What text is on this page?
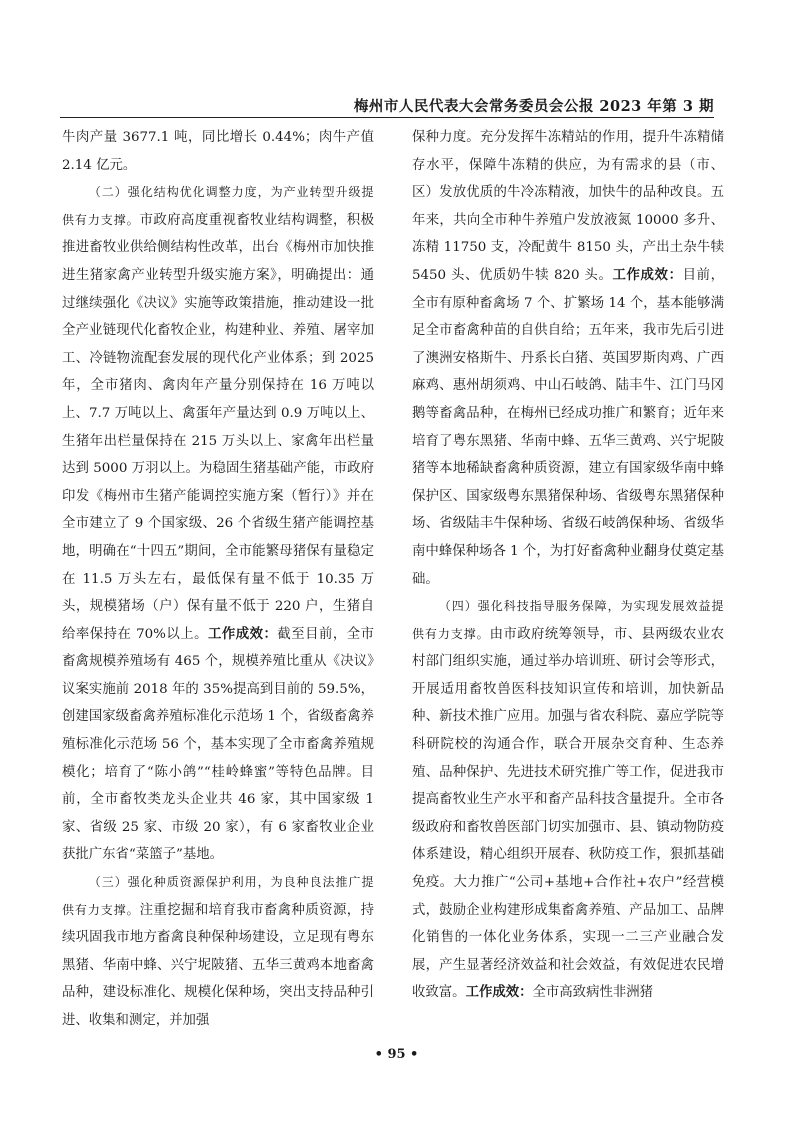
梅州市人民代表大会常务委员会公报 2023 年第 3 期

牛肉产量 3677.1 吨，同比增长 0.44%；肉牛产值 2.14 亿元。

（二）强化结构优化调整力度，为产业转型升级提供有力支撑。市政府高度重视畜牧业结构调整，积极推进畜牧业供给侧结构性改革，出台《梅州市加快推进生猪家禽产业转型升级实施方案》，明确提出：通过继续强化《决议》实施等政策措施，推动建设一批全产业链现代化畜牧企业，构建种业、养殖、屠宰加工、冷链物流配套发展的现代化产业体系；到 2025 年，全市猪肉、禽肉年产量分别保持在 16 万吨以上、7.7 万吨以上、禽蛋年产量达到 0.9 万吨以上、生猪年出栏量保持在 215 万头以上、家禽年出栏量达到 5000 万羽以上。为稳固生猪基础产能，市政府印发《梅州市生猪产能调控实施方案（暂行）》并在全市建立了 9 个国家级、26 个省级生猪产能调控基地，明确在“十四五”期间，全市能繁母猪保有量稳定在 11.5 万头左右，最低保有量不低于 10.35 万头，规模猪场（户）保有量不低于 220 户，生猪自给率保持在 70%以上。工作成效：截至目前，全市畜禽规模养殖场有 465 个，规模养殖比重从《决议》议案实施前 2018 年的 35%提高到目前的 59.5%，创建国家级畜禽养殖标准化示范场 1 个，省级畜禽养殖标准化示范场 56 个，基本实现了全市畜禽养殖规模化；培育了“陈小鸽”“桂岭蜂蜜”等特色品牌。目前，全市畜牧类龙头企业共 46 家，其中国家级 1 家、省级 25 家、市级 20 家），有 6 家畜牧业企业获批广东省“菜篮子”基地。

（三）强化种质资源保护利用，为良种良法推广提供有力支撑。注重挖掘和培育我市畜禽种质资源，持续巩固我市地方畜禽良种保种场建设，立足现有粤东黑猪、华南中蜂、兴宁坭陂猪、五华三黄鸡本地畜禽品种，建设标准化、规模化保种场，突出支持品种引进、收集和测定，并加强

保种力度。充分发挥牛冻精站的作用，提升牛冻精储存水平，保障牛冻精的供应，为有需求的县（市、区）发放优质的牛冷冻精液，加快牛的品种改良。五年来，共向全市种牛养殖户发放液氮 10000 多升、冻精 11750 支，冷配黄牛 8150 头，产出土杂牛犊 5450 头、优质奶牛犊 820 头。工作成效：目前，全市有原种畜禽场 7 个、扩繁场 14 个，基本能够满足全市畜禽种苗的自供自给；五年来，我市先后引进了澳洲安格斯牛、丹系长白猪、英国罗斯肉鸡、广西麻鸡、惠州胡须鸡、中山石岐鸽、陆丰牛、江门马冈鹅等畜禽品种，在梅州已经成功推广和繁育；近年来培育了粤东黑猪、华南中蜂、五华三黄鸡、兴宁坭陂猪等本地稀缺畜禽种质资源，建立有国家级华南中蜂保护区、国家级粤东黑猪保种场、省级粤东黑猪保种场、省级陆丰牛保种场、省级石岐鸽保种场、省级华南中蜂保种场各 1 个，为打好畜禽种业翻身仗奠定基础。

（四）强化科技指导服务保障，为实现发展效益提供有力支撑。由市政府统筹领导，市、县两级农业农村部门组织实施，通过举办培训班、研讨会等形式，开展适用畜牧兽医科技知识宣传和培训，加快新品种、新技术推广应用。加强与省农科院、嘉应学院等科研院校的沟通合作，联合开展杂交育种、生态养殖、品种保护、先进技术研究推广等工作，促进我市提高畜牧业生产水平和畜产品科技含量提升。全市各级政府和畜牧兽医部门切实加强市、县、镇动物防疫体系建设，精心组织开展春、秋防疫工作，狠抓基础免疫。大力推广“公司+基地+合作社+农户”经营模式，鼓励企业构建形成集畜禽养殖、产品加工、品牌化销售的一体化业务体系，实现一二三产业融合发展，产生显著经济效益和社会效益，有效促进农民增收致富。工作成效：全市高致病性非洲猪

• 95 •
